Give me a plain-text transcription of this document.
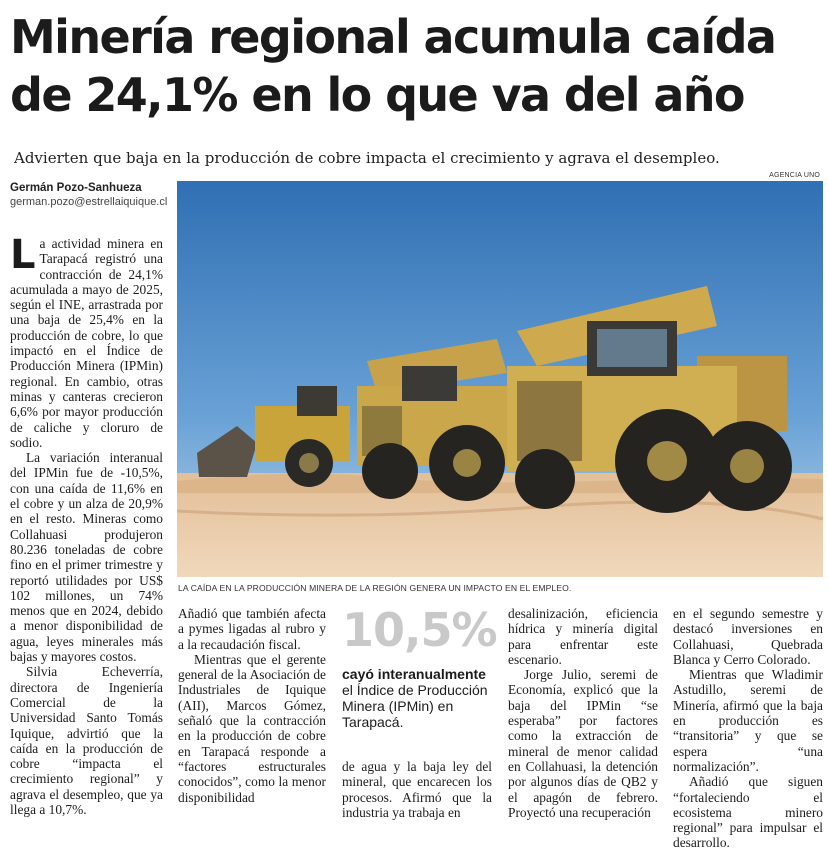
Minería regional acumula caída
de 24,1% en lo que va del año
Advierten que baja en la producción de cobre impacta el crecimiento y agrava el desempleo.
Germán Pozo-Sanhueza
german.pozo@estrellaiquique.cl
AGENCIA UNO
LA CAÍDA EN LA PRODUCCIÓN MINERA DE LA REGIÓN GENERA UN IMPACTO EN EL EMPLEO.
L a actividad minera en Tarapacá registró una contracción de 24,1% acumulada a mayo de 2025, según el INE, arrastrada por una baja de 25,4% en la producción de cobre, lo que impactó en el Índice de Producción Minera (IPMin) regional. En cambio, otras minas y canteras crecieron 6,6% por mayor producción de caliche y cloruro de sodio.

La variación interanual del IPMin fue de -10,5%, con una caída de 11,6% en el cobre y un alza de 20,9% en el resto. Mineras como Collahuasi produjeron 80.236 toneladas de cobre fino en el primer trimestre y reportó utilidades por US$ 102 millones, un 74% menos que en 2024, debido a menor disponibilidad de agua, leyes minerales más bajas y mayores costos.

Silvia Echeverría, directora de Ingeniería Comercial de la Universidad Santo Tomás Iquique, advirtió que la caída en la producción de cobre “impacta el crecimiento regional” y agrava el desempleo, que ya llega a 10,7%.

Añadió que también afecta a pymes ligadas al rubro y a la recaudación fiscal.

Mientras que el gerente general de la Asociación de Industriales de Iquique (AII), Marcos Gómez, señaló que la contracción en la producción de cobre en Tarapacá responde a “factores estructurales conocidos”, como la menor disponibilidad

10,5%
cayó interanualmente
el Índice de Producción Minera (IPMin) en Tarapacá.

de agua y la baja ley del mineral, que encarecen los procesos. Afirmó que la industria ya trabaja en

desalinización, eficiencia hídrica y minería digital para enfrentar este escenario.

Jorge Julio, seremi de Economía, explicó que la baja del IPMin “se esperaba” por factores como la extracción de mineral de menor calidad en Collahuasi, la detención por algunos días de QB2 y el apagón de febrero. Proyectó una recuperación

en el segundo semestre y destacó inversiones en Collahuasi, Quebrada Blanca y Cerro Colorado.

Mientras que Wladimir Astudillo, seremi de Minería, afirmó que la baja en producción es “transitoria” y que se espera “una normalización”.

Añadió que siguen “fortaleciendo el ecosistema minero regional” para impulsar el desarrollo.
